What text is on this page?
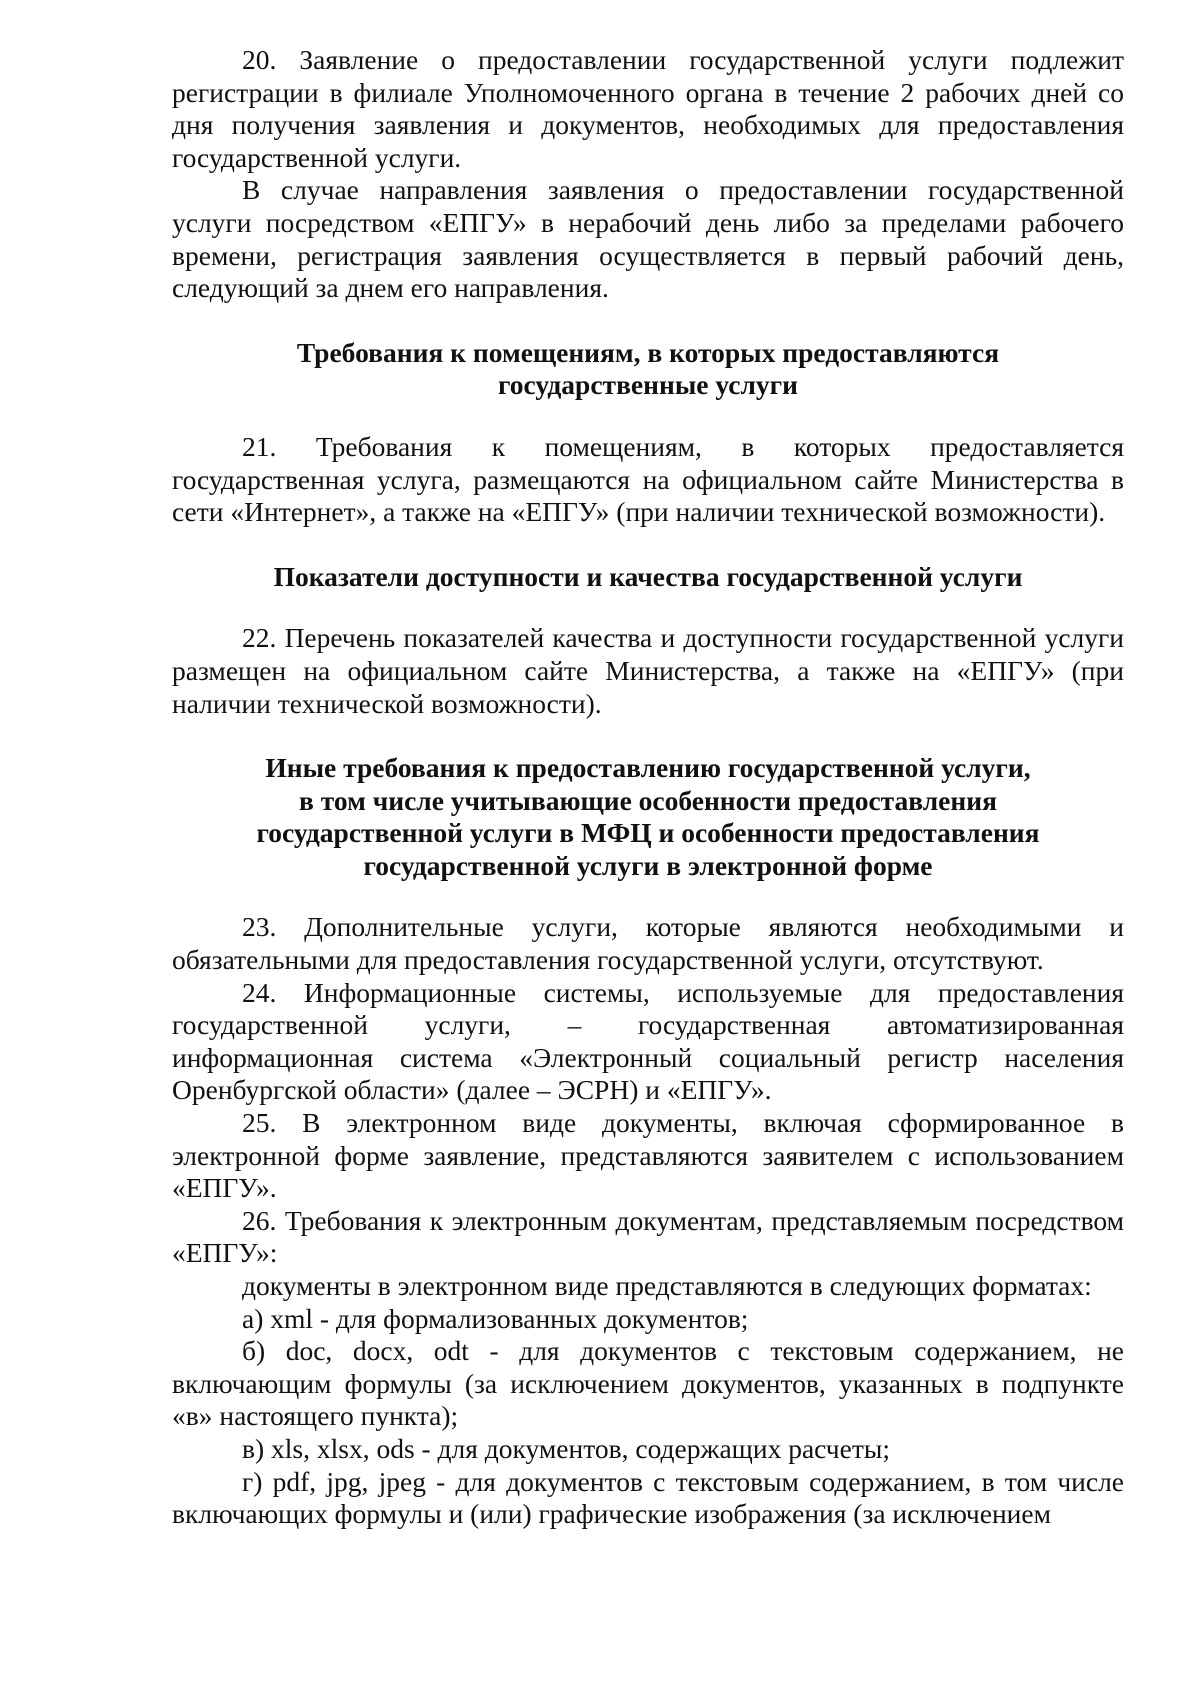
20. Заявление о предоставлении государственной услуги подлежит регистрации в филиале Уполномоченного органа в течение 2 рабочих дней со дня получения заявления и документов, необходимых для предоставления государственной услуги.

В случае направления заявления о предоставлении государственной услуги посредством «ЕПГУ» в нерабочий день либо за пределами рабочего времени, регистрация заявления осуществляется в первый рабочий день, следующий за днем его направления.

Требования к помещениям, в которых предоставляются
государственные услуги

21. Требования к помещениям, в которых предоставляется государственная услуга, размещаются на официальном сайте Министерства в сети «Интернет», а также на «ЕПГУ» (при наличии технической возможности).

Показатели доступности и качества государственной услуги

22. Перечень показателей качества и доступности государственной услуги размещен на официальном сайте Министерства, а также на «ЕПГУ» (при наличии технической возможности).

Иные требования к предоставлению государственной услуги,
в том числе учитывающие особенности предоставления
государственной услуги в МФЦ и особенности предоставления
государственной услуги в электронной форме

23. Дополнительные услуги, которые являются необходимыми и обязательными для предоставления государственной услуги, отсутствуют.

24. Информационные системы, используемые для предоставления государственной услуги, – государственная автоматизированная информационная система «Электронный социальный регистр населения Оренбургской области» (далее – ЭСРН) и «ЕПГУ».

25. В электронном виде документы, включая сформированное в электронной форме заявление, представляются заявителем с использованием «ЕПГУ».

26. Требования к электронным документам, представляемым посредством «ЕПГУ»:

документы в электронном виде представляются в следующих форматах:

а) xml - для формализованных документов;

б) doc, docx, odt - для документов с текстовым содержанием, не включающим формулы (за исключением документов, указанных в подпункте «в» настоящего пункта);

в) xls, xlsx, ods - для документов, содержащих расчеты;

г) pdf, jpg, jpeg - для документов с текстовым содержанием, в том числе включающих формулы и (или) графические изображения (за исключением
